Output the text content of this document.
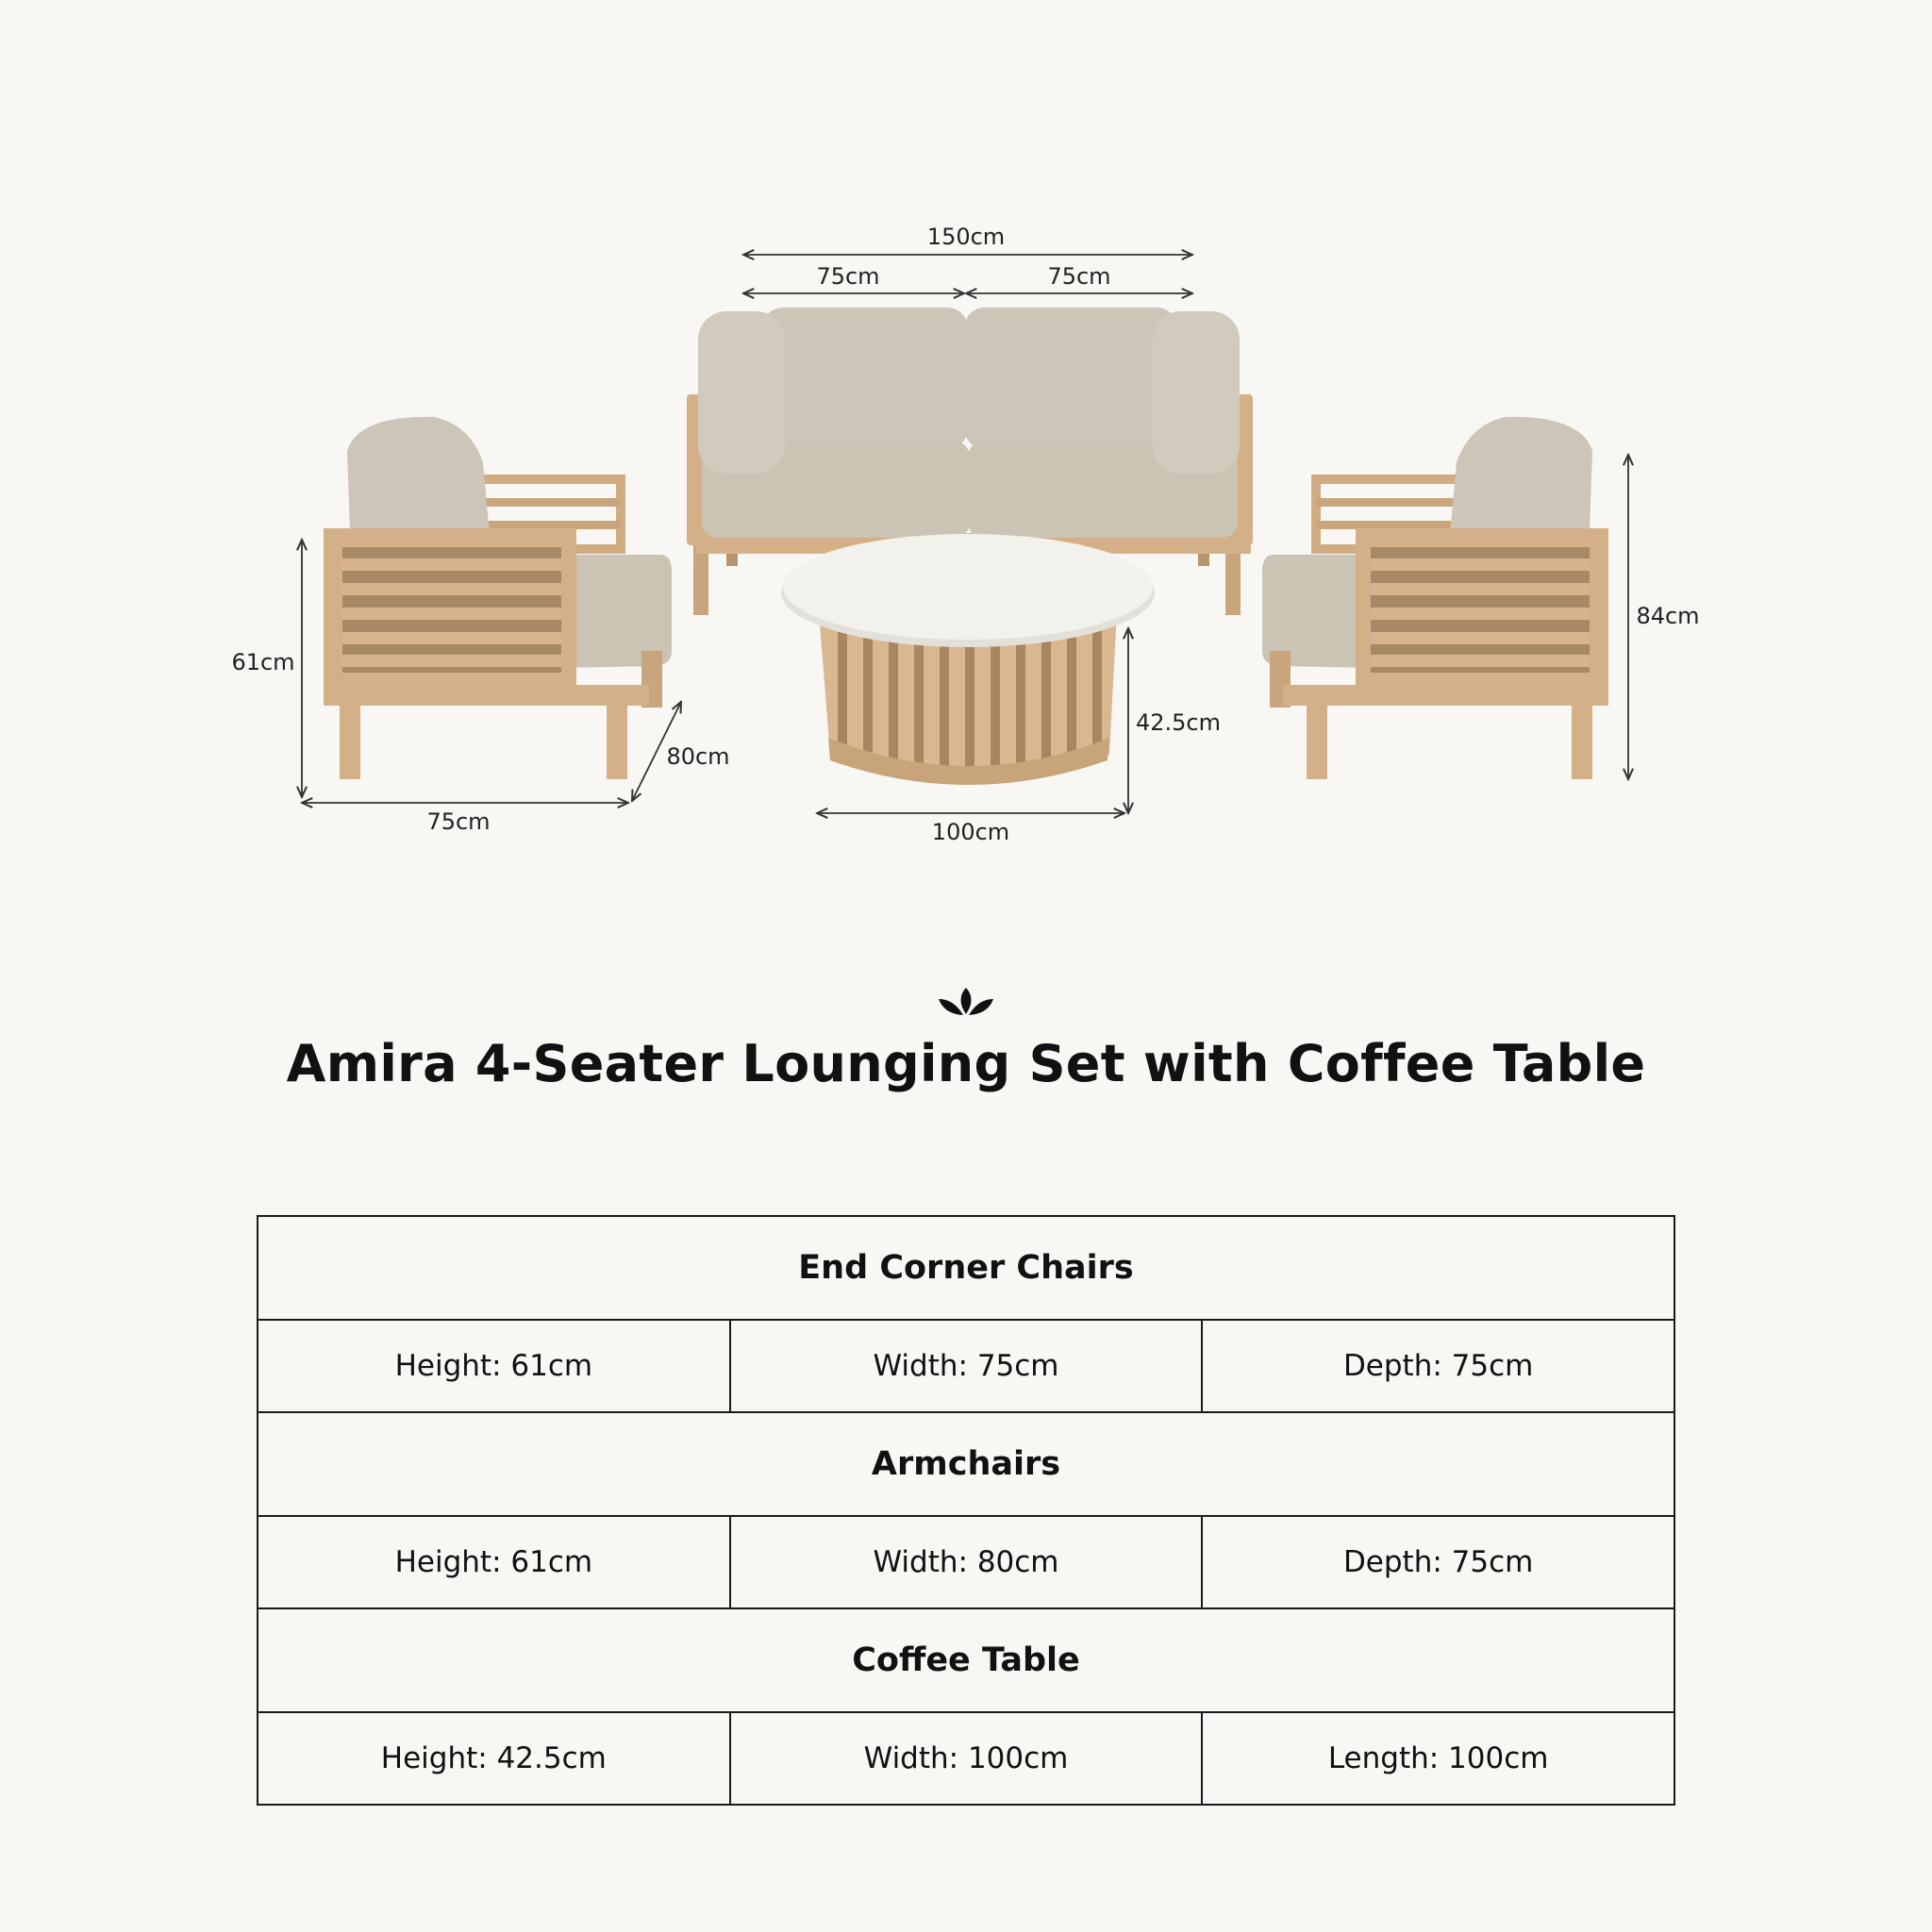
150cm
75cm	75cm
61cm
75cm
80cm
42.5cm
100cm
84cm
Amira 4-Seater Lounging Set with Coffee Table
End Corner Chairs		
Height: 61cm	Width: 75cm	Depth: 75cm
Armchairs		
Height: 61cm	Width: 80cm	Depth: 75cm
Coffee Table		
Height: 42.5cm	Width: 100cm	Length: 100cm
